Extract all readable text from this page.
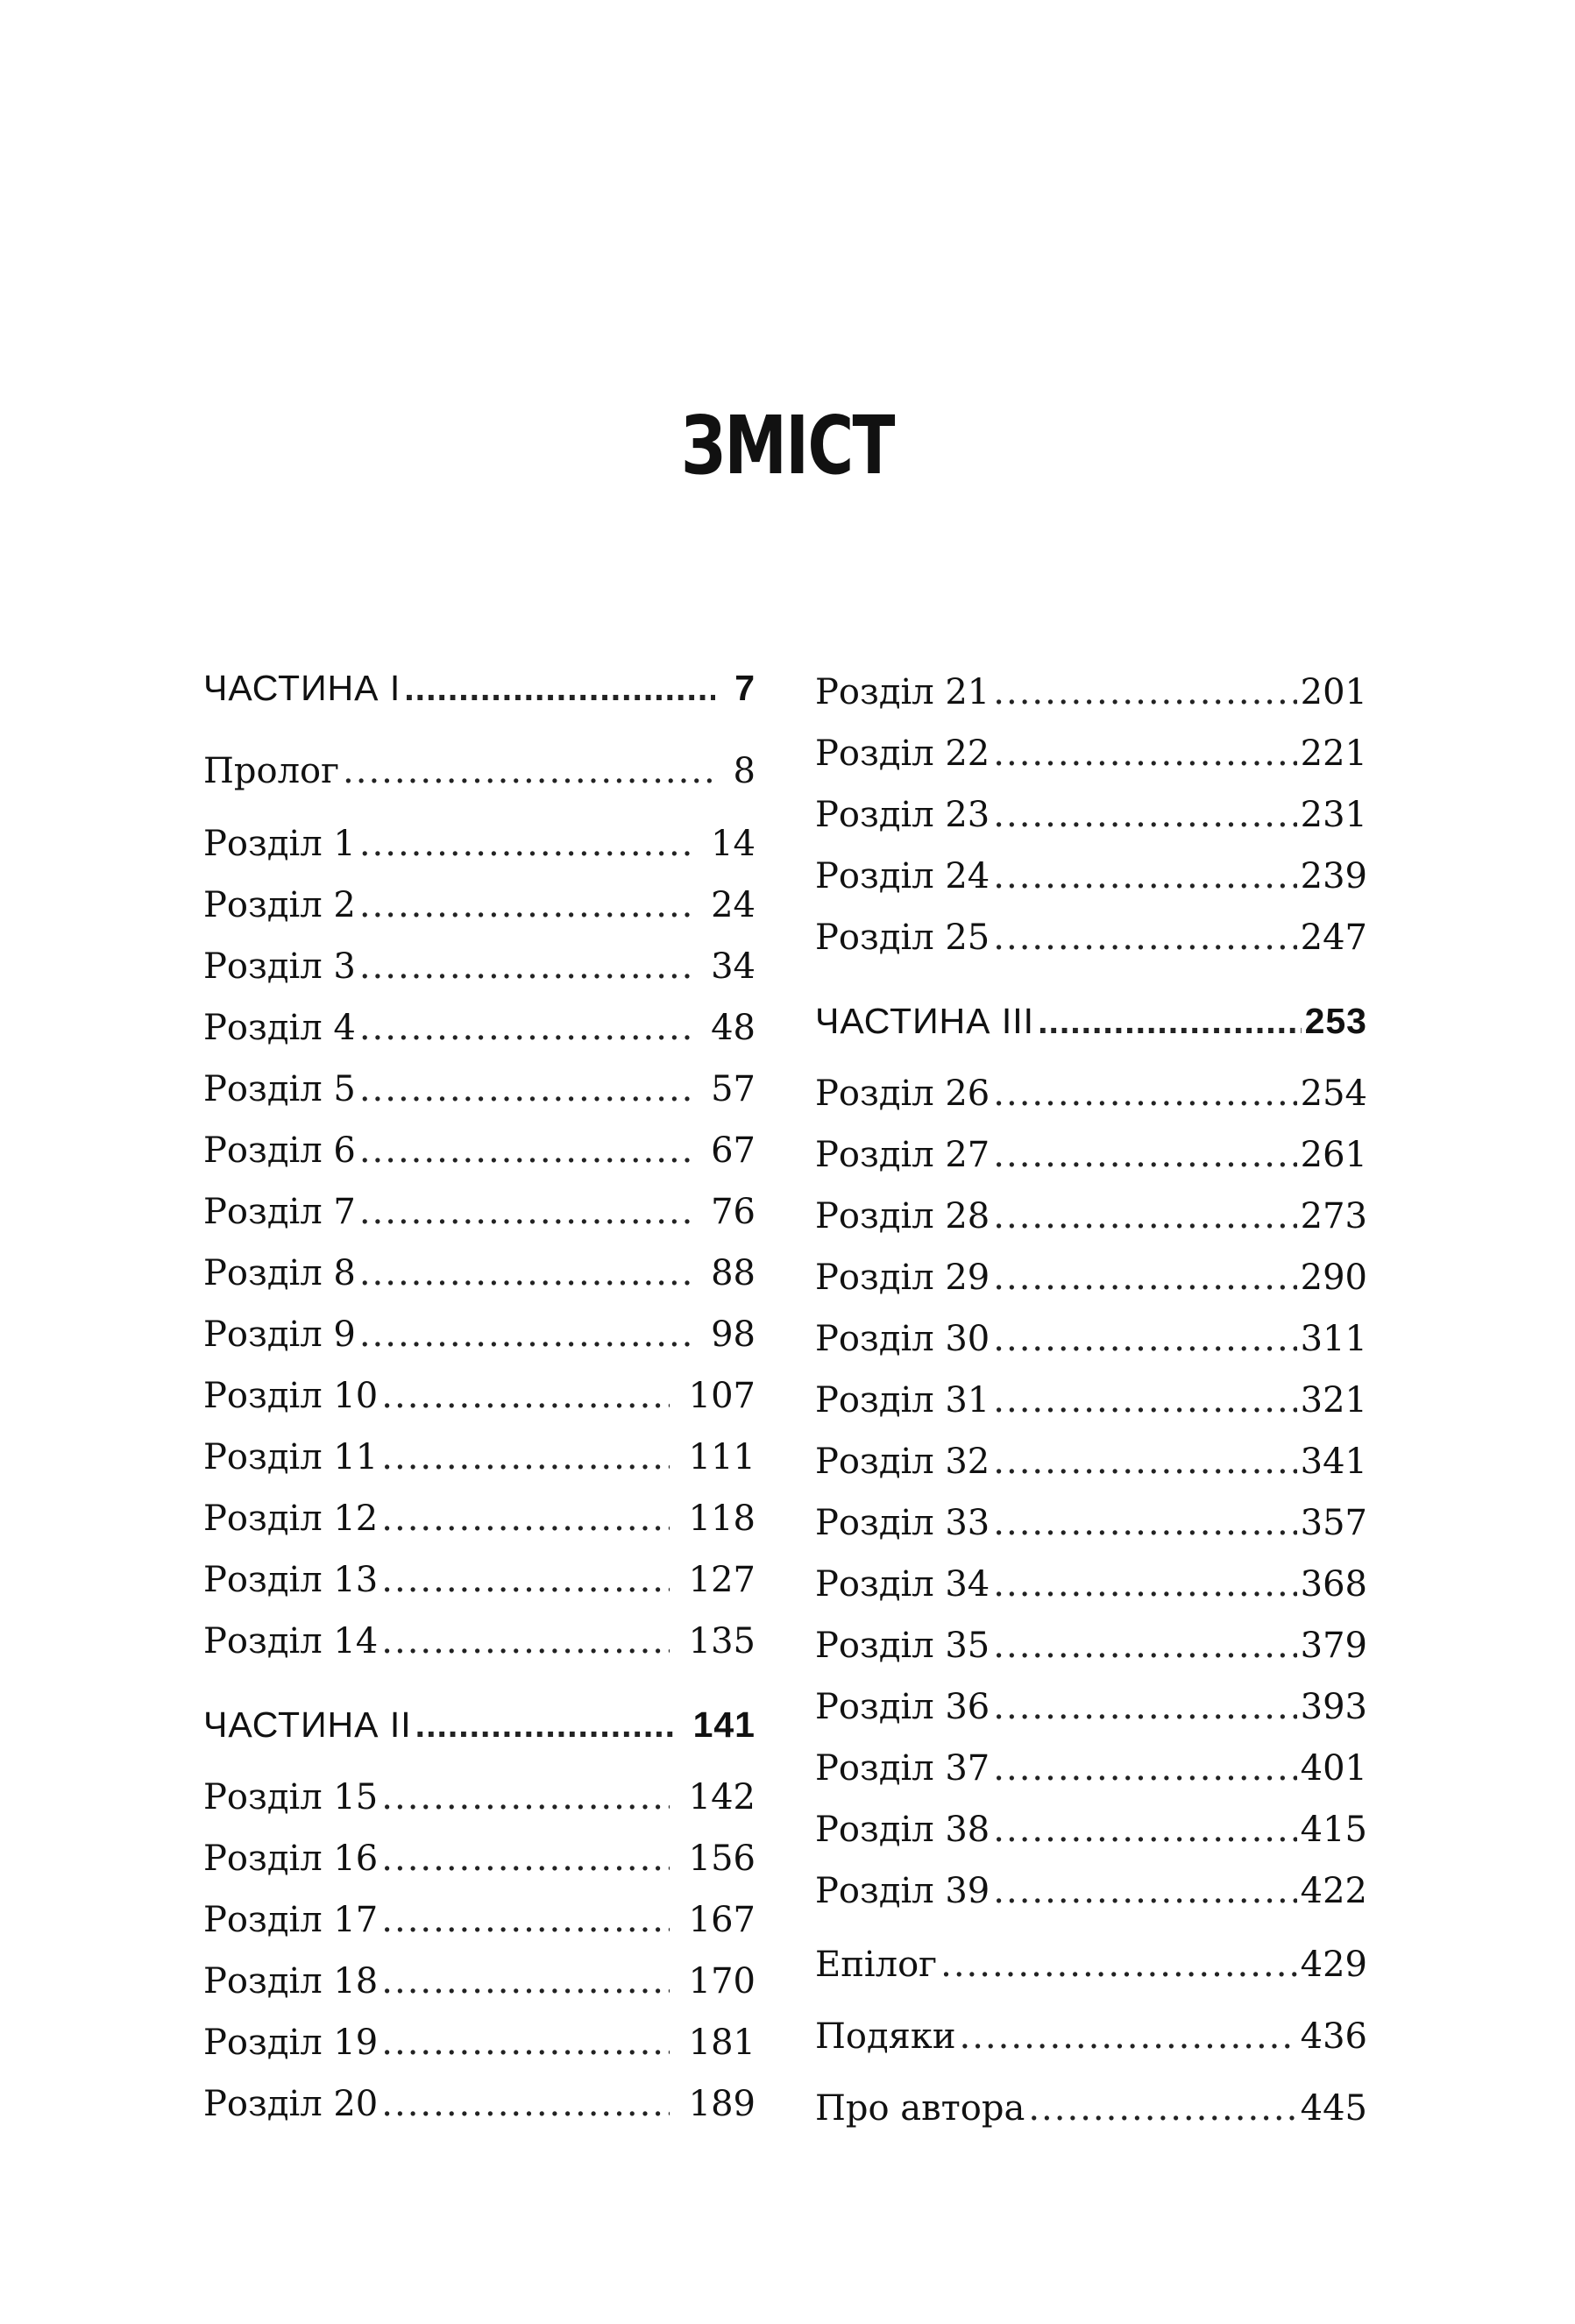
ЗМІСТ
ЧАСТИНА І .....	7
Пролог .....	8
Розділ 1 .....	14
Розділ 2 .....	24
Розділ 3 .....	34
Розділ 4 .....	48
Розділ 5 .....	57
Розділ 6 .....	67
Розділ 7 .....	76
Розділ 8 .....	88
Розділ 9 .....	98
Розділ 10 .....	107
Розділ 11 .....	111
Розділ 12 .....	118
Розділ 13 .....	127
Розділ 14 .....	135
ЧАСТИНА ІІ .....	141
Розділ 15 .....	142
Розділ 16 .....	156
Розділ 17 .....	167
Розділ 18 .....	170
Розділ 19 .....	181
Розділ 20 .....	189
Розділ 21 .....	201
Розділ 22 .....	221
Розділ 23 .....	231
Розділ 24 .....	239
Розділ 25 .....	247
ЧАСТИНА ІІІ .....	253
Розділ 26 .....	254
Розділ 27 .....	261
Розділ 28 .....	273
Розділ 29 .....	290
Розділ 30 .....	311
Розділ 31 .....	321
Розділ 32 .....	341
Розділ 33 .....	357
Розділ 34 .....	368
Розділ 35 .....	379
Розділ 36 .....	393
Розділ 37 .....	401
Розділ 38 .....	415
Розділ 39 .....	422
Епілог .....	429
Подяки .....	436
Про автора .....	445
